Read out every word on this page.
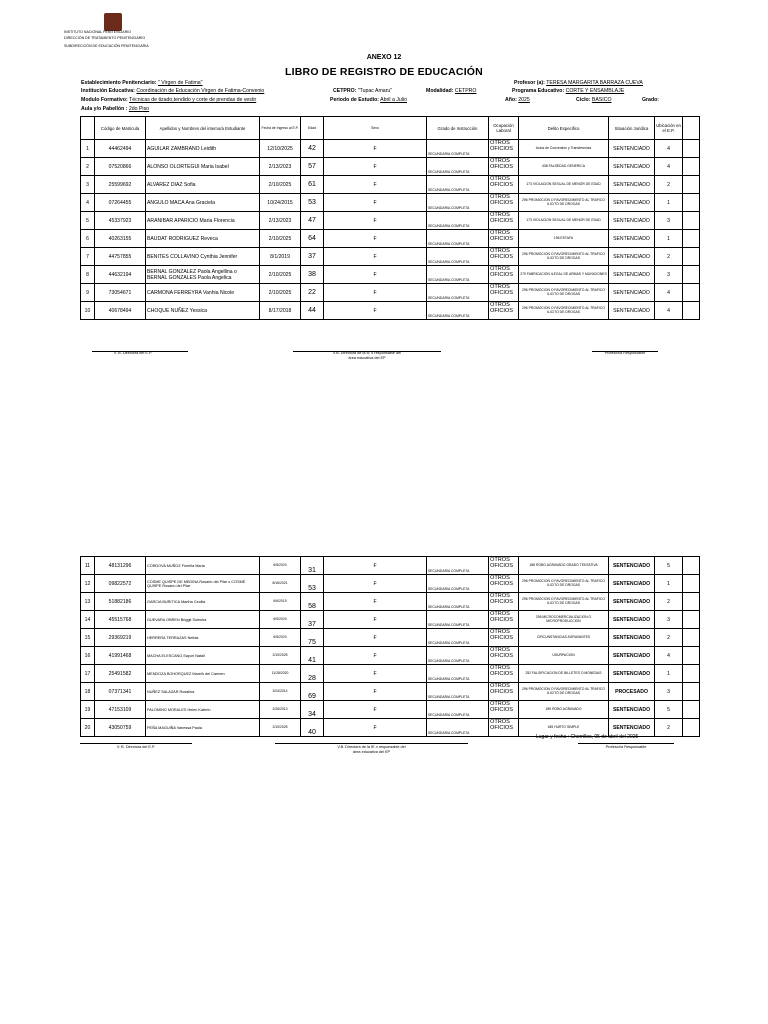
INSTITUTO NACIONAL PENITENCIARIO
DIRECCIÓN DE TRATAMIENTO PENITENCIARIO
SUBDIRECCIÓN DE EDUCACIÓN PENITENCIARIA
ANEXO 12
LIBRO DE REGISTRO DE EDUCACIÓN
Establecimiento Penitenciario: " Virgen de Fatima"	Profesor (a): TERESA MARGARITA BARRAZA CUEVA
Institución Educativa: Coordinación de Educación Virgen de Fatima-Convenio	CETPRO: "Tupac Amaru"	Modalidad: CETPRO	Programa Educativo: CORTE Y ENSAMBLAJE
Modulo Formativo: Técnicas de tizado,tendido y corte de prendas de vestir	Periodo de Estudio: Abril a Julio	Año: 2025	Ciclo: BASICO	Grado:
Aula y/o Pabellón : 2do Piso
	Código de Matricula	Apellidos y Nombres del interno/a Estudiante	Fecha de Ingreso al E.P.	Edad	Sexo	Grado de Instrucción	Ocupación Laboral	Delito Especifico	Situación Juridica	Ubicación en el E.P.	
1	44462494	AGUILAR ZAMBRANO Leidith	12/10/2025	42	F	SECUNDARIA COMPLETA	OTROS OFICIOS	Actos de Conversión y Transferencia	SENTENCIADO	4	
2	07520866	ALONSO OLORTEGUI Maria Isabel	2/13/2023	57	F	SECUNDARIA COMPLETA	OTROS OFICIOS	438 FALSEDAD GENERICA	SENTENCIADO	4	
3	25599692	ALVAREZ DIAZ Sofia	2/10/2025	61	F	SECUNDARIA COMPLETA	OTROS OFICIOS	173 VIOLACION SEXUAL DE MENOR DE EDAD	SENTENCIADO	2	
4	07264455	ANGULO MACA Ana Graciela	10/24/2015	53	F	SECUNDARIA COMPLETA	OTROS OFICIOS	296 PROMOCION O FAVORECIMIENTO AL TRAFICO ILICITO DE DROGAS	SENTENCIADO	1	
5	45337923	ARANIBAR APARICIO Maria Florencia	2/13/2023	47	F	SECUNDARIA COMPLETA	OTROS OFICIOS	173 VIOLACION SEXUAL DE MENOR DE EDAD	SENTENCIADO	3	
6	40263155	BAUDAT RODRIGUEZ Reveca	2/10/2025	64	F	SECUNDARIA COMPLETA	OTROS OFICIOS	196 ESTAFA	SENTENCIADO	1	
7	44757855	BENITES COLLAVINO Cynthia Jennifer	8/1/2019	37	F	SECUNDARIA COMPLETA	OTROS OFICIOS	296 PROMOCION O FAVORECIMIENTO AL TRAFICO ILICITO DE DROGAS	SENTENCIADO	2	
8	44632194	BERNAL GONZALEZ Paola Angellina o BERNAL GONZALES Paola Angelica	2/10/2025	38	F	SECUNDARIA COMPLETA	OTROS OFICIOS	279 FABRICACION ILEGAL DE ARMAS Y MUNICIONES	SENTENCIADO	3	
9	73054671	CARMONA FERREYRA Vanhia Nicole	2/10/2025	22	F	SECUNDARIA COMPLETA	OTROS OFICIOS	296 PROMOCION O FAVORECIMIENTO AL TRAFICO ILICITO DE DROGAS	SENTENCIADO	4	
10	40678494	CHOQUE NUÑEZ Yessica	8/17/2018	44	F	SECUNDARIA COMPLETA	OTROS OFICIOS	296 PROMOCION O FAVORECIMIENTO AL TRAFICO ILICITO DE DROGAS	SENTENCIADO	4	
V. B. Directora del E.P.	V.B. Directora de la IE o responsable del
área educativa del EP
Profesor/a Responsable
11	48131296	CORDOVA MUÑOZ Fiorella Maria	6/5/2024	31	F	SECUNDARIA COMPLETA	OTROS OFICIOS	188 ROBO AGRAVADO GRADO TENTATIVA	SENTENCIADO	5	
12	09822572	COSME QUISPE DE MEDINA Rosario del Pilar o COSME QUISPE Rosario del Pilar	8/16/2021	53	F	SECUNDARIA COMPLETA	OTROS OFICIOS	296 PROMOCION O FAVORECIMIENTO AL TRAFICO ILICITO DE DROGAS	SENTENCIADO	1	
13	51882186	GARCIA BURITICA Martha Cecilia	6/6/2019	58	F	SECUNDARIA COMPLETA	OTROS OFICIOS	296 PROMOCION O FAVORECIMIENTO AL TRAFICO ILICITO DE DROGAS	SENTENCIADO	2	
14	45515768	GUEVARA OBREN Briggit Solesha	6/5/2024	37	F	SECUNDARIA COMPLETA	OTROS OFICIOS	298 MICROCOMERCIALIZACION O MICROPRODUCCION	SENTENCIADO	3	
15	29369219	HERRERA TERRAZAS Nelida	6/5/2024	75	F	SECUNDARIA COMPLETA	OTROS OFICIOS	CIRCUNSTANCIAS AGRAVANTES	SENTENCIADO	2	
16	41991468	MACHA ELESCANO,Sayuri Natali	2/10/2025	41	F	SECUNDARIA COMPLETA	OTROS OFICIOS	USURPACION	SENTENCIADO	4	
17	25491582	MENDOZA BOHORQUEZ Marelh del Carmen	11/28/2020	28	F	SECUNDARIA COMPLETA	OTROS OFICIOS	252 FALSIFICACION DE BILLETES O MONEDAS	SENTENCIADO	1	
18	07371341	NUÑEZ SALAZAR Rosalina	3/24/2014	69	F	SECUNDARIA COMPLETA	OTROS OFICIOS	296 PROMOCION O FAVORECIMIENTO AL TRAFICO ILICITO DE DROGAS	PROCESADO	3	
19	47153109	PALOMINO MORALES Helen Katerin	2/26/2013	34	F	SECUNDARIA COMPLETA	OTROS OFICIOS	189 ROBO AGRAVADO	SENTENCIADO	5	
20	43050759	PEÑA MAGUIÑA Vanessa Paola	2/10/2025	40	F	SECUNDARIA COMPLETA	OTROS OFICIOS	185 HURTO SIMPLE	SENTENCIADO	2	
Lugar y fecha : Chorrillos, 05 de abril del 2025
V. B. Directora del E.P.	V.B. Directora de la IE o responsable del
área educativa del EP
Profesor/a Responsable
